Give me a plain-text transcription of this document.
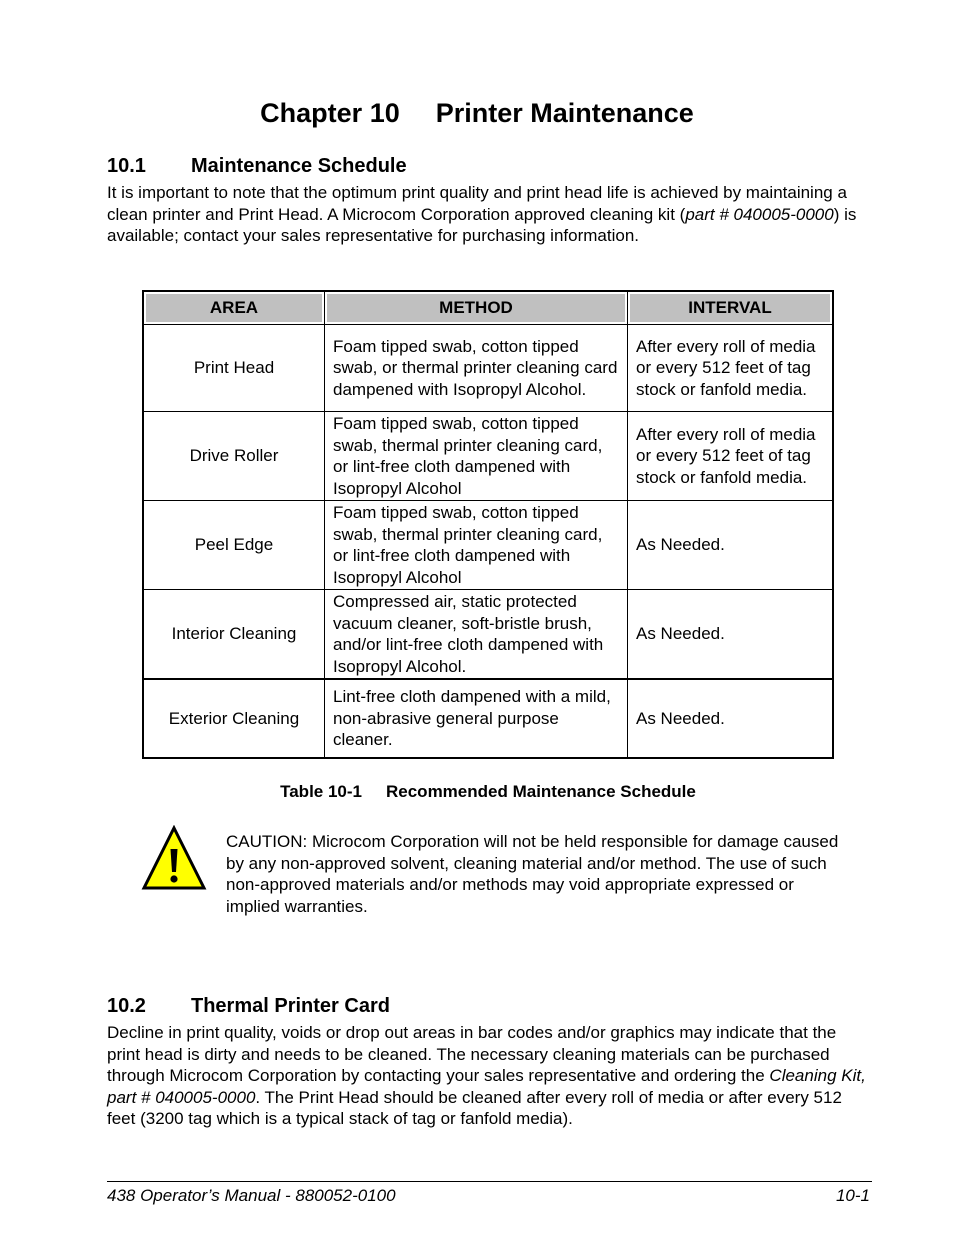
Chapter 10 Printer Maintenance
10.1 Maintenance Schedule

It is important to note that the optimum print quality and print head life is achieved by maintaining a clean printer and Print Head. A Microcom Corporation approved cleaning kit (part # 040005-0000) is available; contact your sales representative for purchasing information.

AREA	METHOD	INTERVAL
Print Head	Foam tipped swab, cotton tipped swab, or thermal printer cleaning card dampened with Isopropyl Alcohol.	After every roll of media or every 512 feet of tag stock or fanfold media.
Drive Roller	Foam tipped swab, cotton tipped swab, thermal printer cleaning card, or lint-free cloth dampened with Isopropyl Alcohol	After every roll of media or every 512 feet of tag stock or fanfold media.
Peel Edge	Foam tipped swab, cotton tipped swab, thermal printer cleaning card, or lint-free cloth dampened with Isopropyl Alcohol	As Needed.
Interior Cleaning	Compressed air, static protected vacuum cleaner, soft-bristle brush, and/or lint-free cloth dampened with Isopropyl Alcohol.	As Needed.
Exterior Cleaning	Lint-free cloth dampened with a mild, non-abrasive general purpose cleaner.	As Needed.

Table 10-1 Recommended Maintenance Schedule

CAUTION: Microcom Corporation will not be held responsible for damage caused by any non-approved solvent, cleaning material and/or method. The use of such non-approved materials and/or methods may void appropriate expressed or implied warranties.

10.2 Thermal Printer Card

Decline in print quality, voids or drop out areas in bar codes and/or graphics may indicate that the print head is dirty and needs to be cleaned. The necessary cleaning materials can be purchased through Microcom Corporation by contacting your sales representative and ordering the Cleaning Kit, part # 040005-0000. The Print Head should be cleaned after every roll of media or after every 512 feet (3200 tag which is a typical stack of tag or fanfold media).

438 Operator’s Manual - 880052-0100	10-1
